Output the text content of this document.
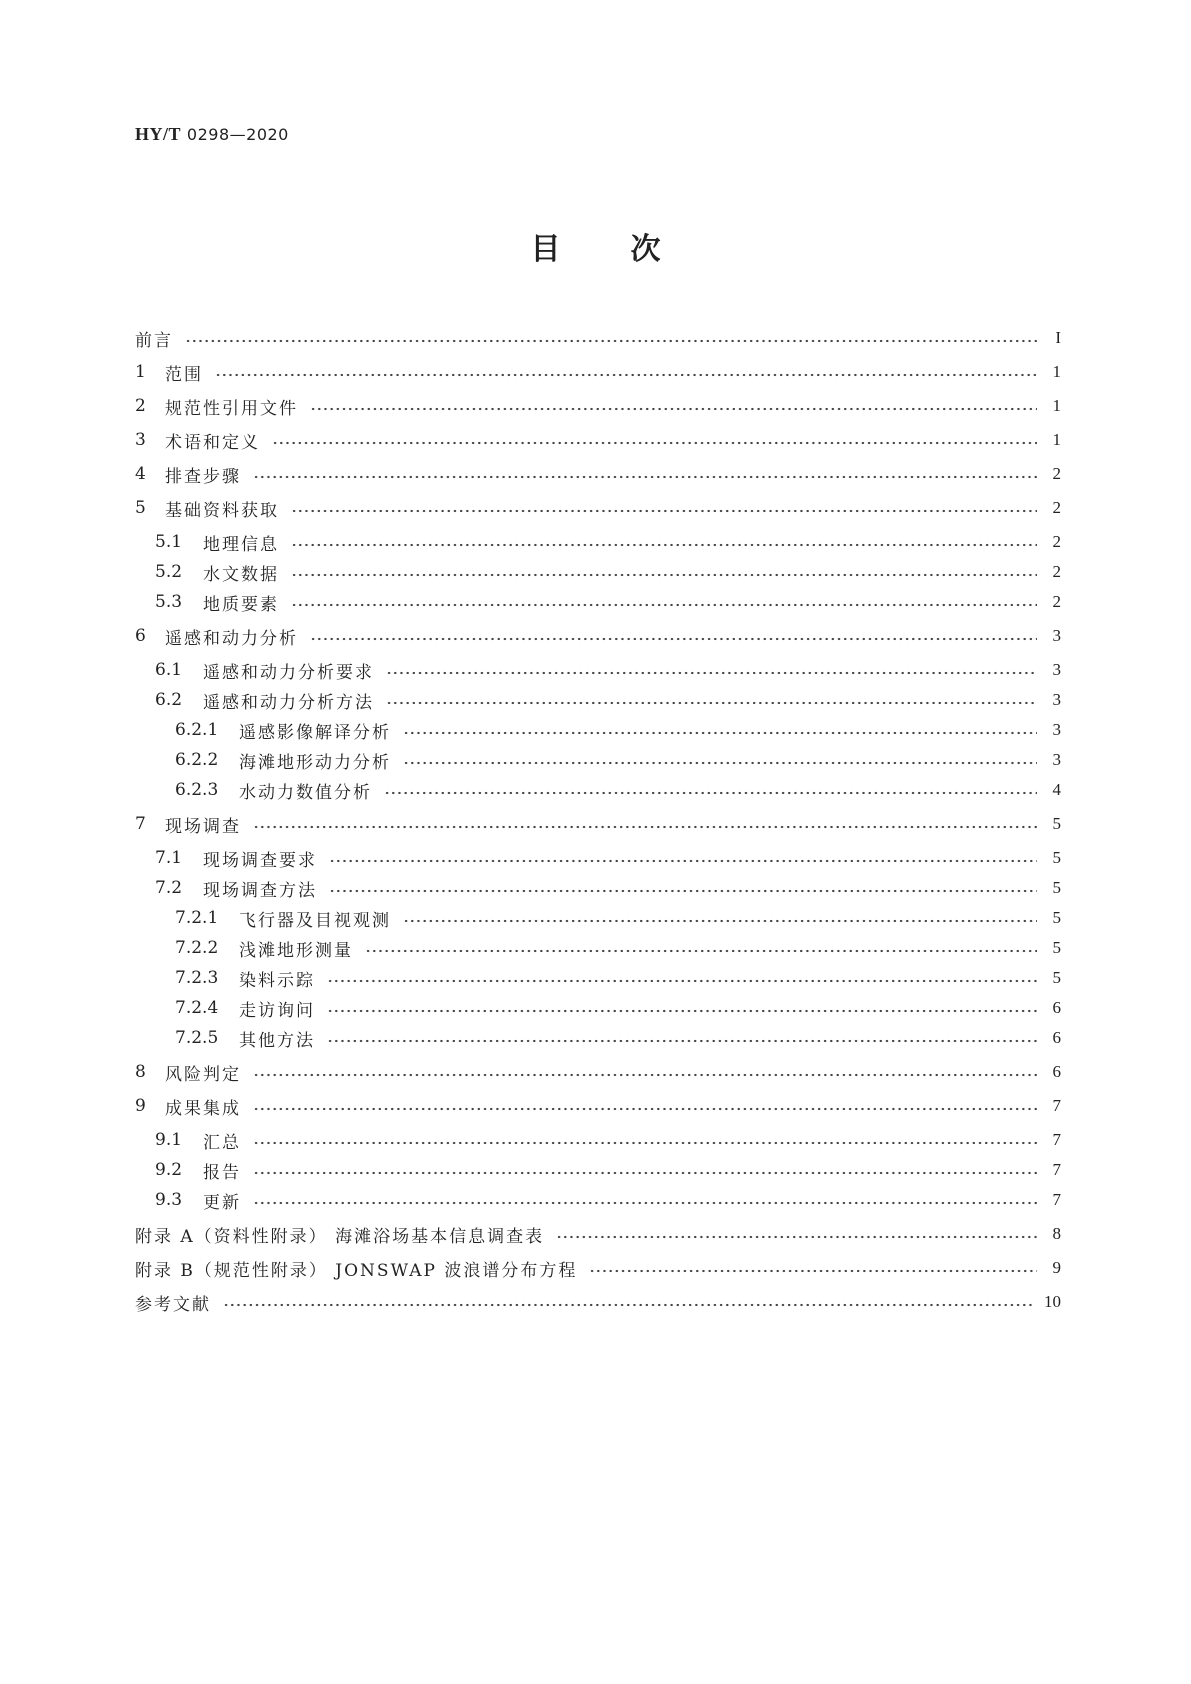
HY/T 0298—2020
目 次
前言	I
1	范围	1
2	规范性引用文件	1
3	术语和定义	1
4	排查步骤	2
5	基础资料获取	2
5.1	地理信息	2
5.2	水文数据	2
5.3	地质要素	2
6	遥感和动力分析	3
6.1	遥感和动力分析要求	3
6.2	遥感和动力分析方法	3
6.2.1	遥感影像解译分析	3
6.2.2	海滩地形动力分析	3
6.2.3	水动力数值分析	4
7	现场调查	5
7.1	现场调查要求	5
7.2	现场调查方法	5
7.2.1	飞行器及目视观测	5
7.2.2	浅滩地形测量	5
7.2.3	染料示踪	5
7.2.4	走访询问	6
7.2.5	其他方法	6
8	风险判定	6
9	成果集成	7
9.1	汇总	7
9.2	报告	7
9.3	更新	7
附录 A（资料性附录） 海滩浴场基本信息调查表	8
附录 B（规范性附录） JONSWAP 波浪谱分布方程	9
参考文献	10
